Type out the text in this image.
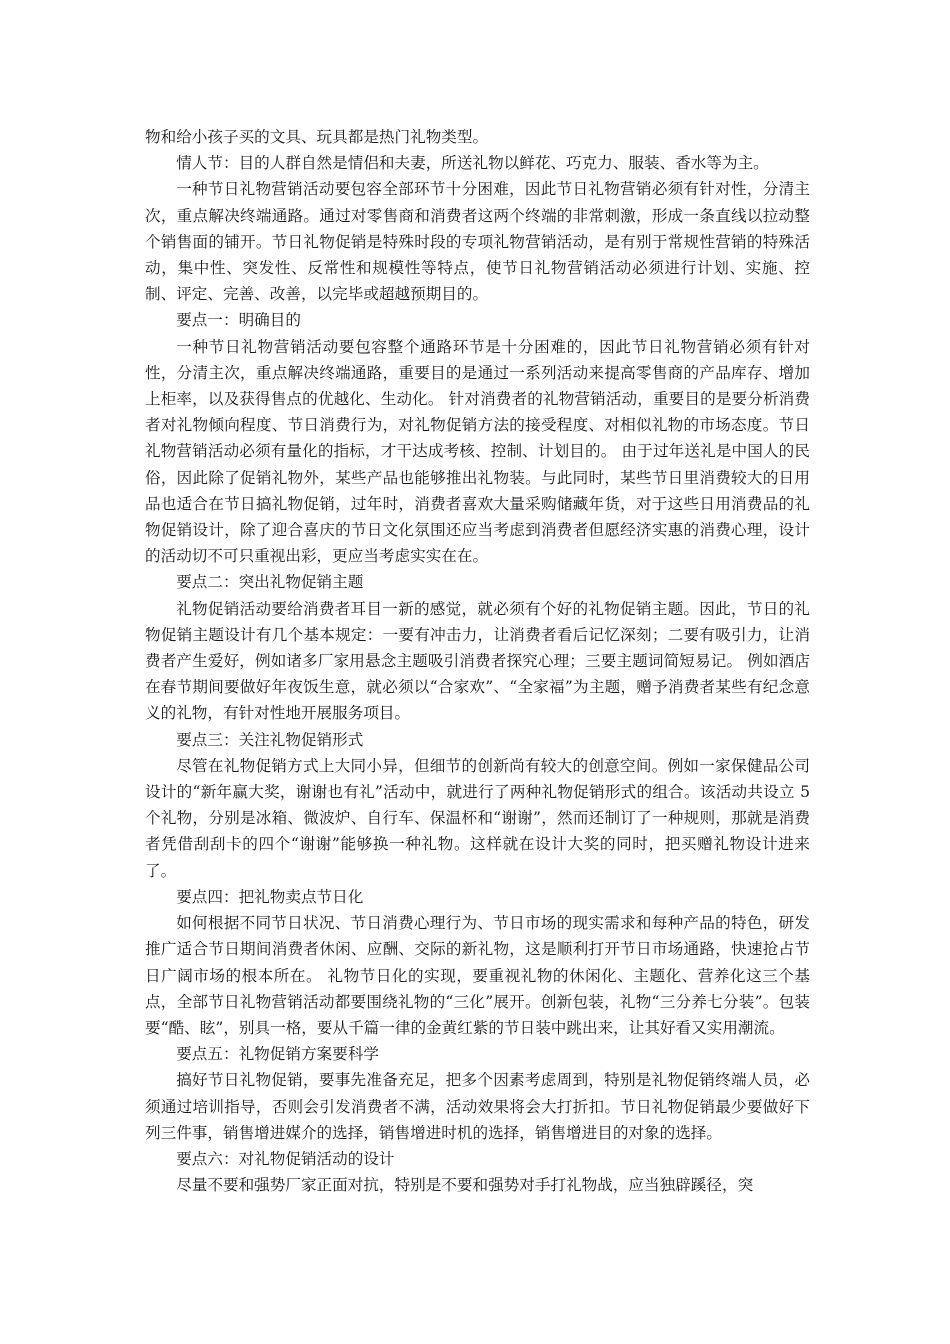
物和给小孩子买的文具、玩具都是热门礼物类型。

情人节：目的人群自然是情侣和夫妻，所送礼物以鲜花、巧克力、服装、香水等为主。

一种节日礼物营销活动要包容全部环节十分困难，因此节日礼物营销必须有针对性，分清主次，重点解决终端通路。通过对零售商和消费者这两个终端的非常刺激，形成一条直线以拉动整个销售面的铺开。节日礼物促销是特殊时段的专项礼物营销活动，是有别于常规性营销的特殊活动，集中性、突发性、反常性和规模性等特点，使节日礼物营销活动必须进行计划、实施、控制、评定、完善、改善，以完毕或超越预期目的。

要点一：明确目的

一种节日礼物营销活动要包容整个通路环节是十分困难的，因此节日礼物营销必须有针对性，分清主次，重点解决终端通路，重要目的是通过一系列活动来提高零售商的产品库存、增加上柜率，以及获得售点的优越化、生动化。 针对消费者的礼物营销活动，重要目的是要分析消费者对礼物倾向程度、节日消费行为，对礼物促销方法的接受程度、对相似礼物的市场态度。节日礼物营销活动必须有量化的指标，才干达成考核、控制、计划目的。 由于过年送礼是中国人的民俗，因此除了促销礼物外，某些产品也能够推出礼物装。与此同时，某些节日里消费较大的日用品也适合在节日搞礼物促销，过年时，消费者喜欢大量采购储藏年货，对于这些日用消费品的礼物促销设计，除了迎合喜庆的节日文化氛围还应当考虑到消费者但愿经济实惠的消费心理，设计的活动切不可只重视出彩，更应当考虑实实在在。

要点二：突出礼物促销主题

礼物促销活动要给消费者耳目一新的感觉，就必须有个好的礼物促销主题。因此，节日的礼物促销主题设计有几个基本规定：一要有冲击力，让消费者看后记忆深刻；二要有吸引力，让消费者产生爱好，例如诸多厂家用悬念主题吸引消费者探究心理；三要主题词简短易记。 例如酒店在春节期间要做好年夜饭生意，就必须以“合家欢”、“全家福”为主题，赠予消费者某些有纪念意义的礼物，有针对性地开展服务项目。

要点三：关注礼物促销形式

尽管在礼物促销方式上大同小异，但细节的创新尚有较大的创意空间。例如一家保健品公司设计的“新年赢大奖，谢谢也有礼”活动中，就进行了两种礼物促销形式的组合。该活动共设立 5个礼物，分别是冰箱、微波炉、自行车、保温杯和“谢谢”，然而还制订了一种规则，那就是消费者凭借刮刮卡的四个“谢谢”能够换一种礼物。这样就在设计大奖的同时，把买赠礼物设计进来了。

要点四：把礼物卖点节日化

如何根据不同节日状况、节日消费心理行为、节日市场的现实需求和每种产品的特色，研发推广适合节日期间消费者休闲、应酬、交际的新礼物，这是顺利打开节日市场通路，快速抢占节日广阔市场的根本所在。 礼物节日化的实现，要重视礼物的休闲化、主题化、营养化这三个基点，全部节日礼物营销活动都要围绕礼物的“三化”展开。创新包装，礼物“三分养七分装”。包装要“酷、眩”，别具一格，要从千篇一律的金黄红紫的节日装中跳出来，让其好看又实用潮流。

要点五：礼物促销方案要科学

搞好节日礼物促销，要事先准备充足，把多个因素考虑周到，特别是礼物促销终端人员，必须通过培训指导，否则会引发消费者不满，活动效果将会大打折扣。节日礼物促销最少要做好下列三件事，销售增进媒介的选择，销售增进时机的选择，销售增进目的对象的选择。

要点六：对礼物促销活动的设计

尽量不要和强势厂家正面对抗，特别是不要和强势对手打礼物战，应当独辟蹊径，突
